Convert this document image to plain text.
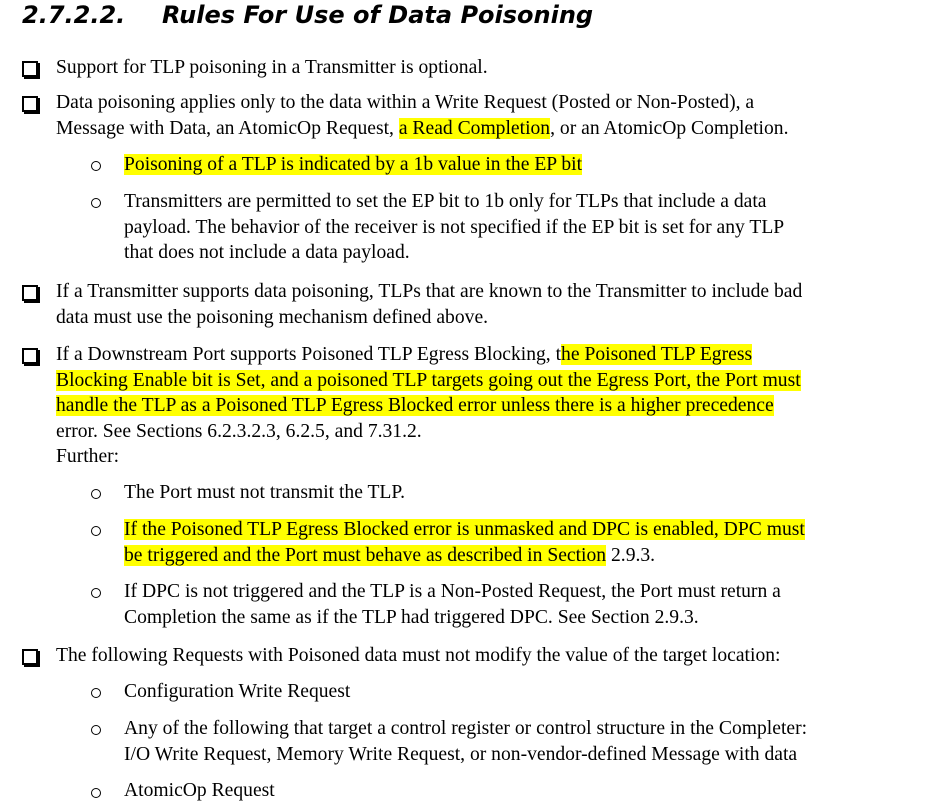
2.7.2.2. Rules For Use of Data Poisoning
Support for TLP poisoning in a Transmitter is optional.
Data poisoning applies only to the data within a Write Request (Posted or Non-Posted), a
Message with Data, an AtomicOp Request, a Read Completion, or an AtomicOp Completion.
Poisoning of a TLP is indicated by a 1b value in the EP bit
Transmitters are permitted to set the EP bit to 1b only for TLPs that include a data
payload. The behavior of the receiver is not specified if the EP bit is set for any TLP
that does not include a data payload.
If a Transmitter supports data poisoning, TLPs that are known to the Transmitter to include bad
data must use the poisoning mechanism defined above.
If a Downstream Port supports Poisoned TLP Egress Blocking, the Poisoned TLP Egress
Blocking Enable bit is Set, and a poisoned TLP targets going out the Egress Port, the Port must
handle the TLP as a Poisoned TLP Egress Blocked error unless there is a higher precedence
error. See Sections 6.2.3.2.3, 6.2.5, and 7.31.2.
Further:
The Port must not transmit the TLP.
If the Poisoned TLP Egress Blocked error is unmasked and DPC is enabled, DPC must
be triggered and the Port must behave as described in Section 2.9.3.
If DPC is not triggered and the TLP is a Non-Posted Request, the Port must return a
Completion the same as if the TLP had triggered DPC. See Section 2.9.3.
The following Requests with Poisoned data must not modify the value of the target location:
Configuration Write Request
Any of the following that target a control register or control structure in the Completer:
I/O Write Request, Memory Write Request, or non-vendor-defined Message with data
AtomicOp Request
